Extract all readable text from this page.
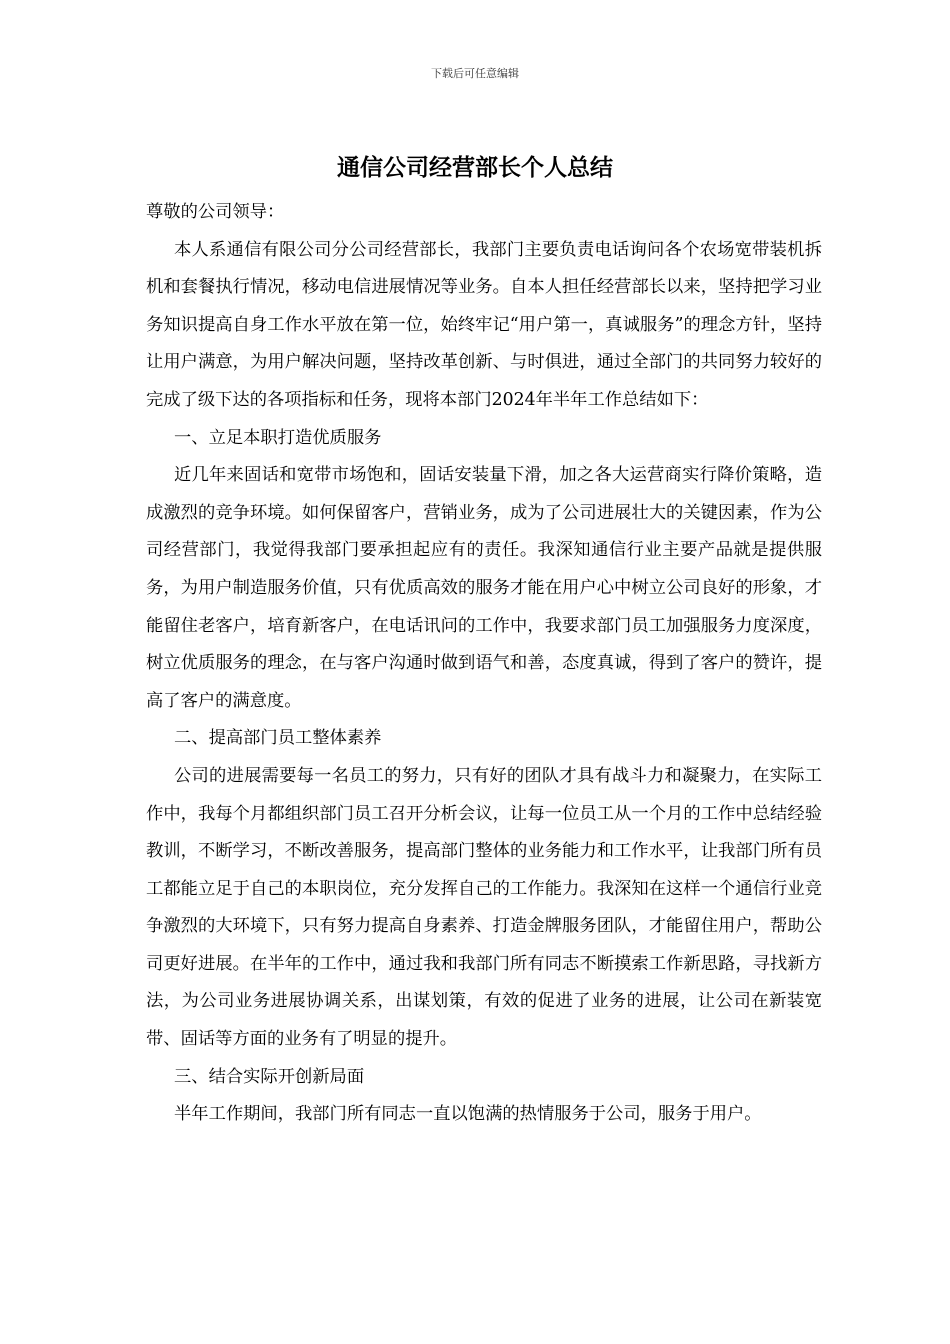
下载后可任意编辑
通信公司经营部长个人总结

尊敬的公司领导：

本人系通信有限公司分公司经营部长，我部门主要负责电话询问各个农场宽带装机拆机和套餐执行情况，移动电信进展情况等业务。自本人担任经营部长以来，坚持把学习业务知识提高自身工作水平放在第一位，始终牢记“用户第一，真诚服务”的理念方针，坚持让用户满意，为用户解决问题，坚持改革创新、与时俱进，通过全部门的共同努力较好的完成了级下达的各项指标和任务，现将本部门2024年半年工作总结如下：

一、立足本职打造优质服务

近几年来固话和宽带市场饱和，固话安装量下滑，加之各大运营商实行降价策略，造成激烈的竞争环境。如何保留客户，营销业务，成为了公司进展壮大的关键因素，作为公司经营部门，我觉得我部门要承担起应有的责任。我深知通信行业主要产品就是提供服务，为用户制造服务价值，只有优质高效的服务才能在用户心中树立公司良好的形象，才能留住老客户，培育新客户，在电话讯问的工作中，我要求部门员工加强服务力度深度，树立优质服务的理念，在与客户沟通时做到语气和善，态度真诚，得到了客户的赞许，提高了客户的满意度。

二、提高部门员工整体素养

公司的进展需要每一名员工的努力，只有好的团队才具有战斗力和凝聚力，在实际工作中，我每个月都组织部门员工召开分析会议，让每一位员工从一个月的工作中总结经验教训，不断学习，不断改善服务，提高部门整体的业务能力和工作水平，让我部门所有员工都能立足于自己的本职岗位，充分发挥自己的工作能力。我深知在这样一个通信行业竞争激烈的大环境下，只有努力提高自身素养、打造金牌服务团队，才能留住用户，帮助公司更好进展。在半年的工作中，通过我和我部门所有同志不断摸索工作新思路，寻找新方法，为公司业务进展协调关系，出谋划策，有效的促进了业务的进展，让公司在新装宽带、固话等方面的业务有了明显的提升。

三、结合实际开创新局面

半年工作期间，我部门所有同志一直以饱满的热情服务于公司，服务于用户。
